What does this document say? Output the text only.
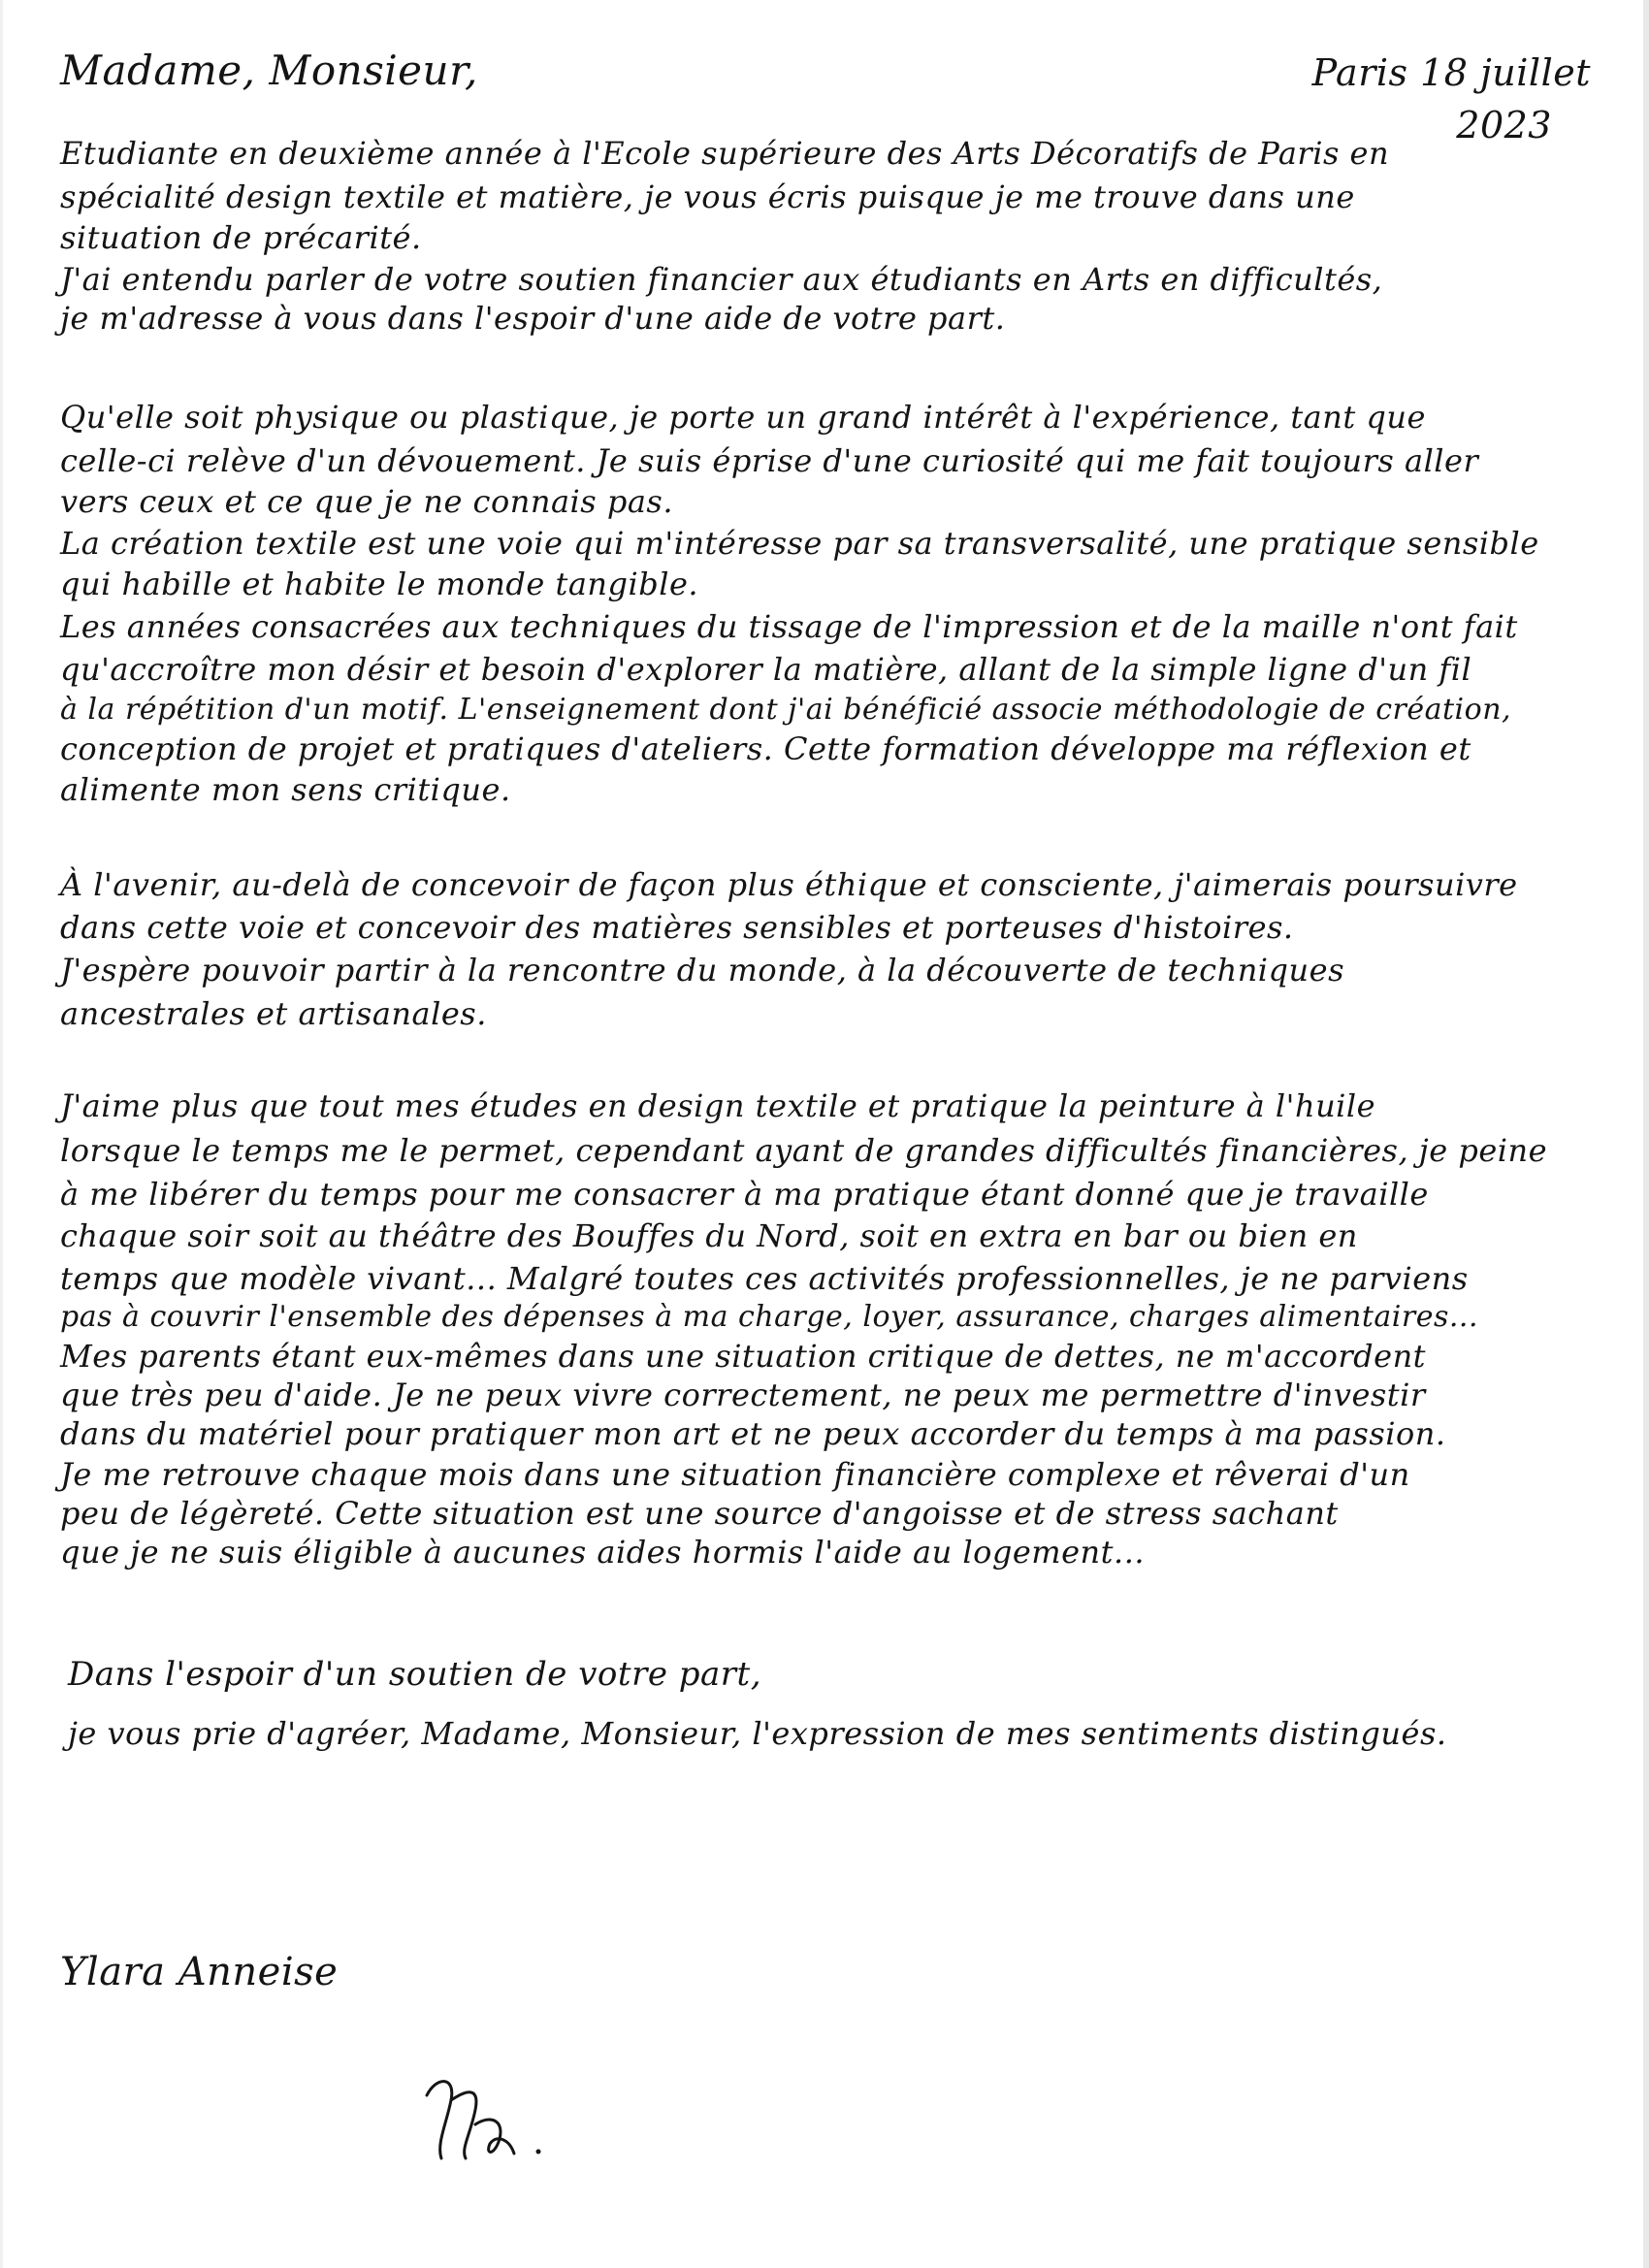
Madame, Monsieur,	Paris 18 juillet
2023
Etudiante en deuxième année à l'Ecole supérieure des Arts Décoratifs de Paris en
spécialité design textile et matière, je vous écris puisque je me trouve dans une
situation de précarité.
J'ai entendu parler de votre soutien financier aux étudiants en Arts en difficultés,
je m'adresse à vous dans l'espoir d'une aide de votre part.
Qu'elle soit physique ou plastique, je porte un grand intérêt à l'expérience, tant que
celle-ci relève d'un dévouement. Je suis éprise d'une curiosité qui me fait toujours aller
vers ceux et ce que je ne connais pas.
La création textile est une voie qui m'intéresse par sa transversalité, une pratique sensible
qui habille et habite le monde tangible.
Les années consacrées aux techniques du tissage de l'impression et de la maille n'ont fait
qu'accroître mon désir et besoin d'explorer la matière, allant de la simple ligne d'un fil
à la répétition d'un motif. L'enseignement dont j'ai bénéficié associe méthodologie de création,
conception de projet et pratiques d'ateliers. Cette formation développe ma réflexion et
alimente mon sens critique.
À l'avenir, au-delà de concevoir de façon plus éthique et consciente, j'aimerais poursuivre
dans cette voie et concevoir des matières sensibles et porteuses d'histoires.
J'espère pouvoir partir à la rencontre du monde, à la découverte de techniques
ancestrales et artisanales.
J'aime plus que tout mes études en design textile et pratique la peinture à l'huile
lorsque le temps me le permet, cependant ayant de grandes difficultés financières, je peine
à me libérer du temps pour me consacrer à ma pratique étant donné que je travaille
chaque soir soit au théâtre des Bouffes du Nord, soit en extra en bar ou bien en
temps que modèle vivant... Malgré toutes ces activités professionnelles, je ne parviens
pas à couvrir l'ensemble des dépenses à ma charge, loyer, assurance, charges alimentaires...
Mes parents étant eux-mêmes dans une situation critique de dettes, ne m'accordent
que très peu d'aide. Je ne peux vivre correctement, ne peux me permettre d'investir
dans du matériel pour pratiquer mon art et ne peux accorder du temps à ma passion.
Je me retrouve chaque mois dans une situation financière complexe et rêverai d'un
peu de légèreté. Cette situation est une source d'angoisse et de stress sachant
que je ne suis éligible à aucunes aides hormis l'aide au logement...
Dans l'espoir d'un soutien de votre part,
je vous prie d'agréer, Madame, Monsieur, l'expression de mes sentiments distingués.
Ylara Anneise
